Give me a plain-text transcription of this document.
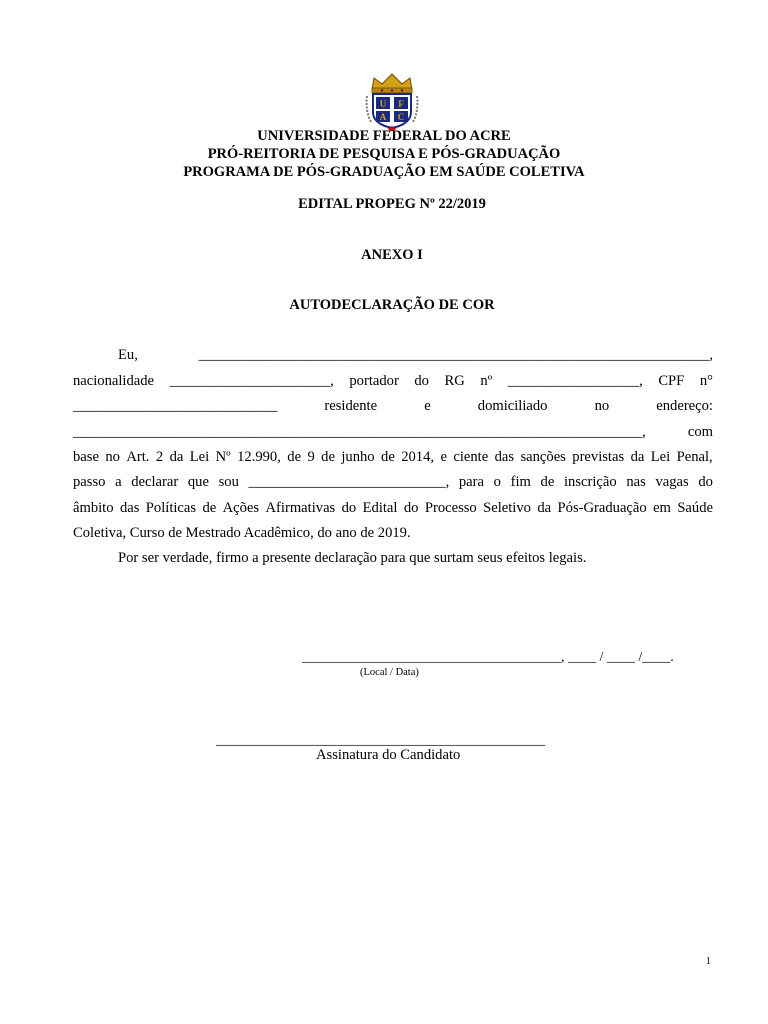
U F
A C
UNIVERSIDADE FEDERAL DO ACRE
PRÓ-REITORIA DE PESQUISA E PÓS-GRADUAÇÃO
PROGRAMA DE PÓS-GRADUAÇÃO EM SAÚDE COLETIVA
EDITAL PROPEG Nº 22/2019
ANEXO I
AUTODECLARAÇÃO DE COR
Eu,	______________________________________________________________________,
nacionalidade ______________________, portador do RG nº __________________, CPF n°
____________________________	residente	e	domiciliado	no	endereço:
______________________________________________________________________________,	com
base no Art. 2 da Lei Nº 12.990, de 9 de junho de 2014, e ciente das sanções previstas da Lei Penal,
passo a declarar que sou ___________________________, para o fim de inscrição nas vagas do
âmbito das Políticas de Ações Afirmativas do Edital do Processo Seletivo da Pós-Graduação em Saúde
Coletiva, Curso de Mestrado Acadêmico, do ano de 2019.
Por ser verdade, firmo a presente declaração para que surtam seus efeitos legais.
_____________________________________, ____ / ____ /____.
(Local / Data)
_______________________________________________
Assinatura do Candidato
1
